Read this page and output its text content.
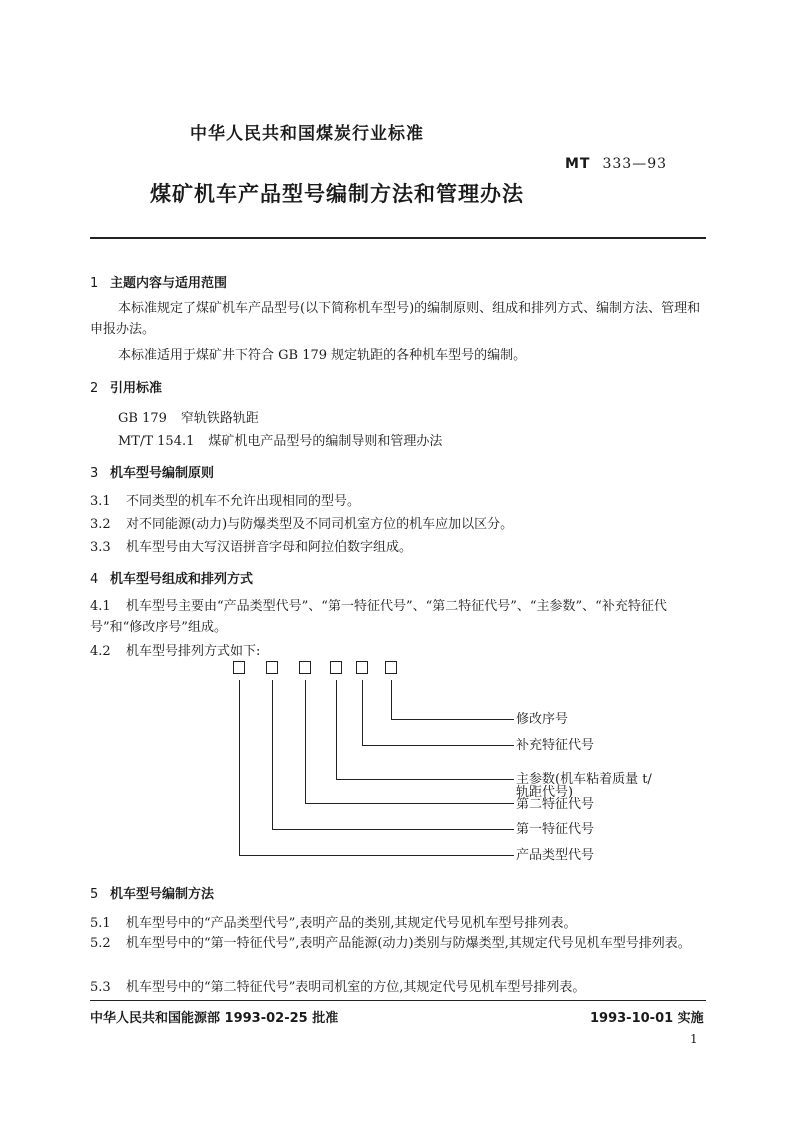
中华人民共和国煤炭行业标准
MT 333—93
煤矿机车产品型号编制方法和管理办法
1 主题内容与适用范围
本标准规定了煤矿机车产品型号(以下简称机车型号)的编制原则、组成和排列方式、编制方法、管理和申报办法。
本标准适用于煤矿井下符合 GB 179 规定轨距的各种机车型号的编制。
2 引用标准
GB 179 窄轨铁路轨距
MT/T 154.1 煤矿机电产品型号的编制导则和管理办法
3 机车型号编制原则
3.1 不同类型的机车不允许出现相同的型号。
3.2 对不同能源(动力)与防爆类型及不同司机室方位的机车应加以区分。
3.3 机车型号由大写汉语拼音字母和阿拉伯数字组成。
4 机车型号组成和排列方式
4.1 机车型号主要由“产品类型代号”、“第一特征代号”、“第二特征代号”、“主参数”、“补充特征代号”和“修改序号”组成。
4.2 机车型号排列方式如下:
修改序号
补充特征代号
主参数(机车粘着质量 t/
轨距代号)
第二特征代号
第一特征代号
产品类型代号
5 机车型号编制方法
5.1 机车型号中的“产品类型代号”,表明产品的类别,其规定代号见机车型号排列表。
5.2 机车型号中的“第一特征代号”,表明产品能源(动力)类别与防爆类型,其规定代号见机车型号排列表。
5.3 机车型号中的“第二特征代号”表明司机室的方位,其规定代号见机车型号排列表。
中华人民共和国能源部 1993-02-25 批准	1993-10-01 实施
1
